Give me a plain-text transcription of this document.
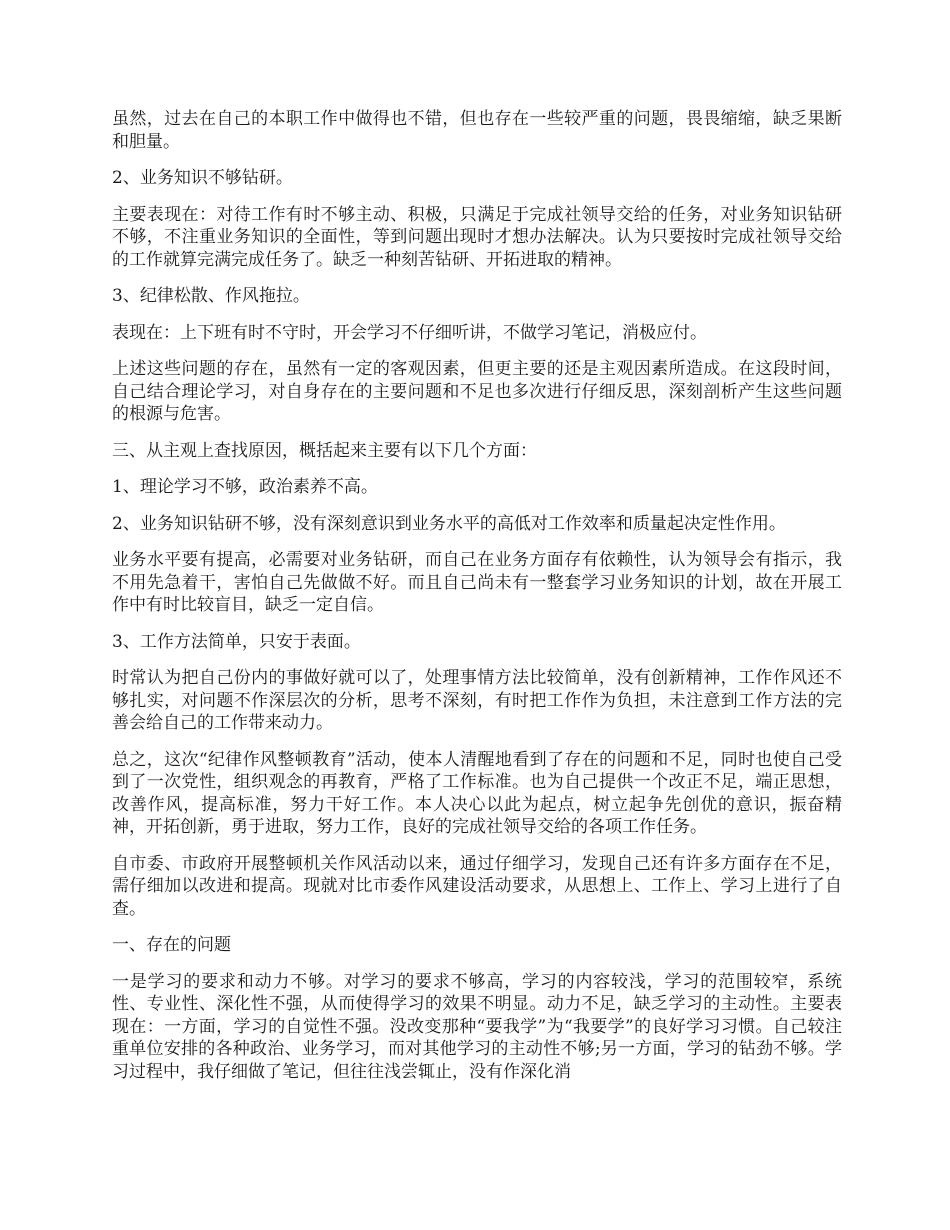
虽然，过去在自己的本职工作中做得也不错，但也存在一些较严重的问题，畏畏缩缩，缺乏果断和胆量。

2、业务知识不够钻研。

主要表现在：对待工作有时不够主动、积极，只满足于完成社领导交给的任务，对业务知识钻研不够，不注重业务知识的全面性，等到问题出现时才想办法解决。认为只要按时完成社领导交给的工作就算完满完成任务了。缺乏一种刻苦钻研、开拓进取的精神。

3、纪律松散、作风拖拉。

表现在：上下班有时不守时，开会学习不仔细听讲，不做学习笔记，消极应付。

上述这些问题的存在，虽然有一定的客观因素，但更主要的还是主观因素所造成。在这段时间，自己结合理论学习，对自身存在的主要问题和不足也多次进行仔细反思，深刻剖析产生这些问题的根源与危害。

三、从主观上查找原因，概括起来主要有以下几个方面：

1、理论学习不够，政治素养不高。

2、业务知识钻研不够，没有深刻意识到业务水平的高低对工作效率和质量起决定性作用。

业务水平要有提高，必需要对业务钻研，而自己在业务方面存有依赖性，认为领导会有指示，我不用先急着干，害怕自己先做做不好。而且自己尚未有一整套学习业务知识的计划，故在开展工作中有时比较盲目，缺乏一定自信。

3、工作方法简单，只安于表面。

时常认为把自己份内的事做好就可以了，处理事情方法比较简单，没有创新精神，工作作风还不够扎实，对问题不作深层次的分析，思考不深刻，有时把工作作为负担，未注意到工作方法的完善会给自己的工作带来动力。

总之，这次“纪律作风整顿教育”活动，使本人清醒地看到了存在的问题和不足，同时也使自己受到了一次党性，组织观念的再教育，严格了工作标准。也为自己提供一个改正不足，端正思想，改善作风，提高标准，努力干好工作。本人决心以此为起点，树立起争先创优的意识，振奋精神，开拓创新，勇于进取，努力工作，良好的完成社领导交给的各项工作任务。

自市委、市政府开展整顿机关作风活动以来，通过仔细学习，发现自己还有许多方面存在不足，需仔细加以改进和提高。现就对比市委作风建设活动要求，从思想上、工作上、学习上进行了自查。

一、存在的问题

一是学习的要求和动力不够。对学习的要求不够高，学习的内容较浅，学习的范围较窄，系统性、专业性、深化性不强，从而使得学习的效果不明显。动力不足，缺乏学习的主动性。主要表现在：一方面，学习的自觉性不强。没改变那种“要我学”为“我要学”的良好学习习惯。自己较注重单位安排的各种政治、业务学习，而对其他学习的主动性不够;另一方面，学习的钻劲不够。学习过程中，我仔细做了笔记，但往往浅尝辄止，没有作深化消
